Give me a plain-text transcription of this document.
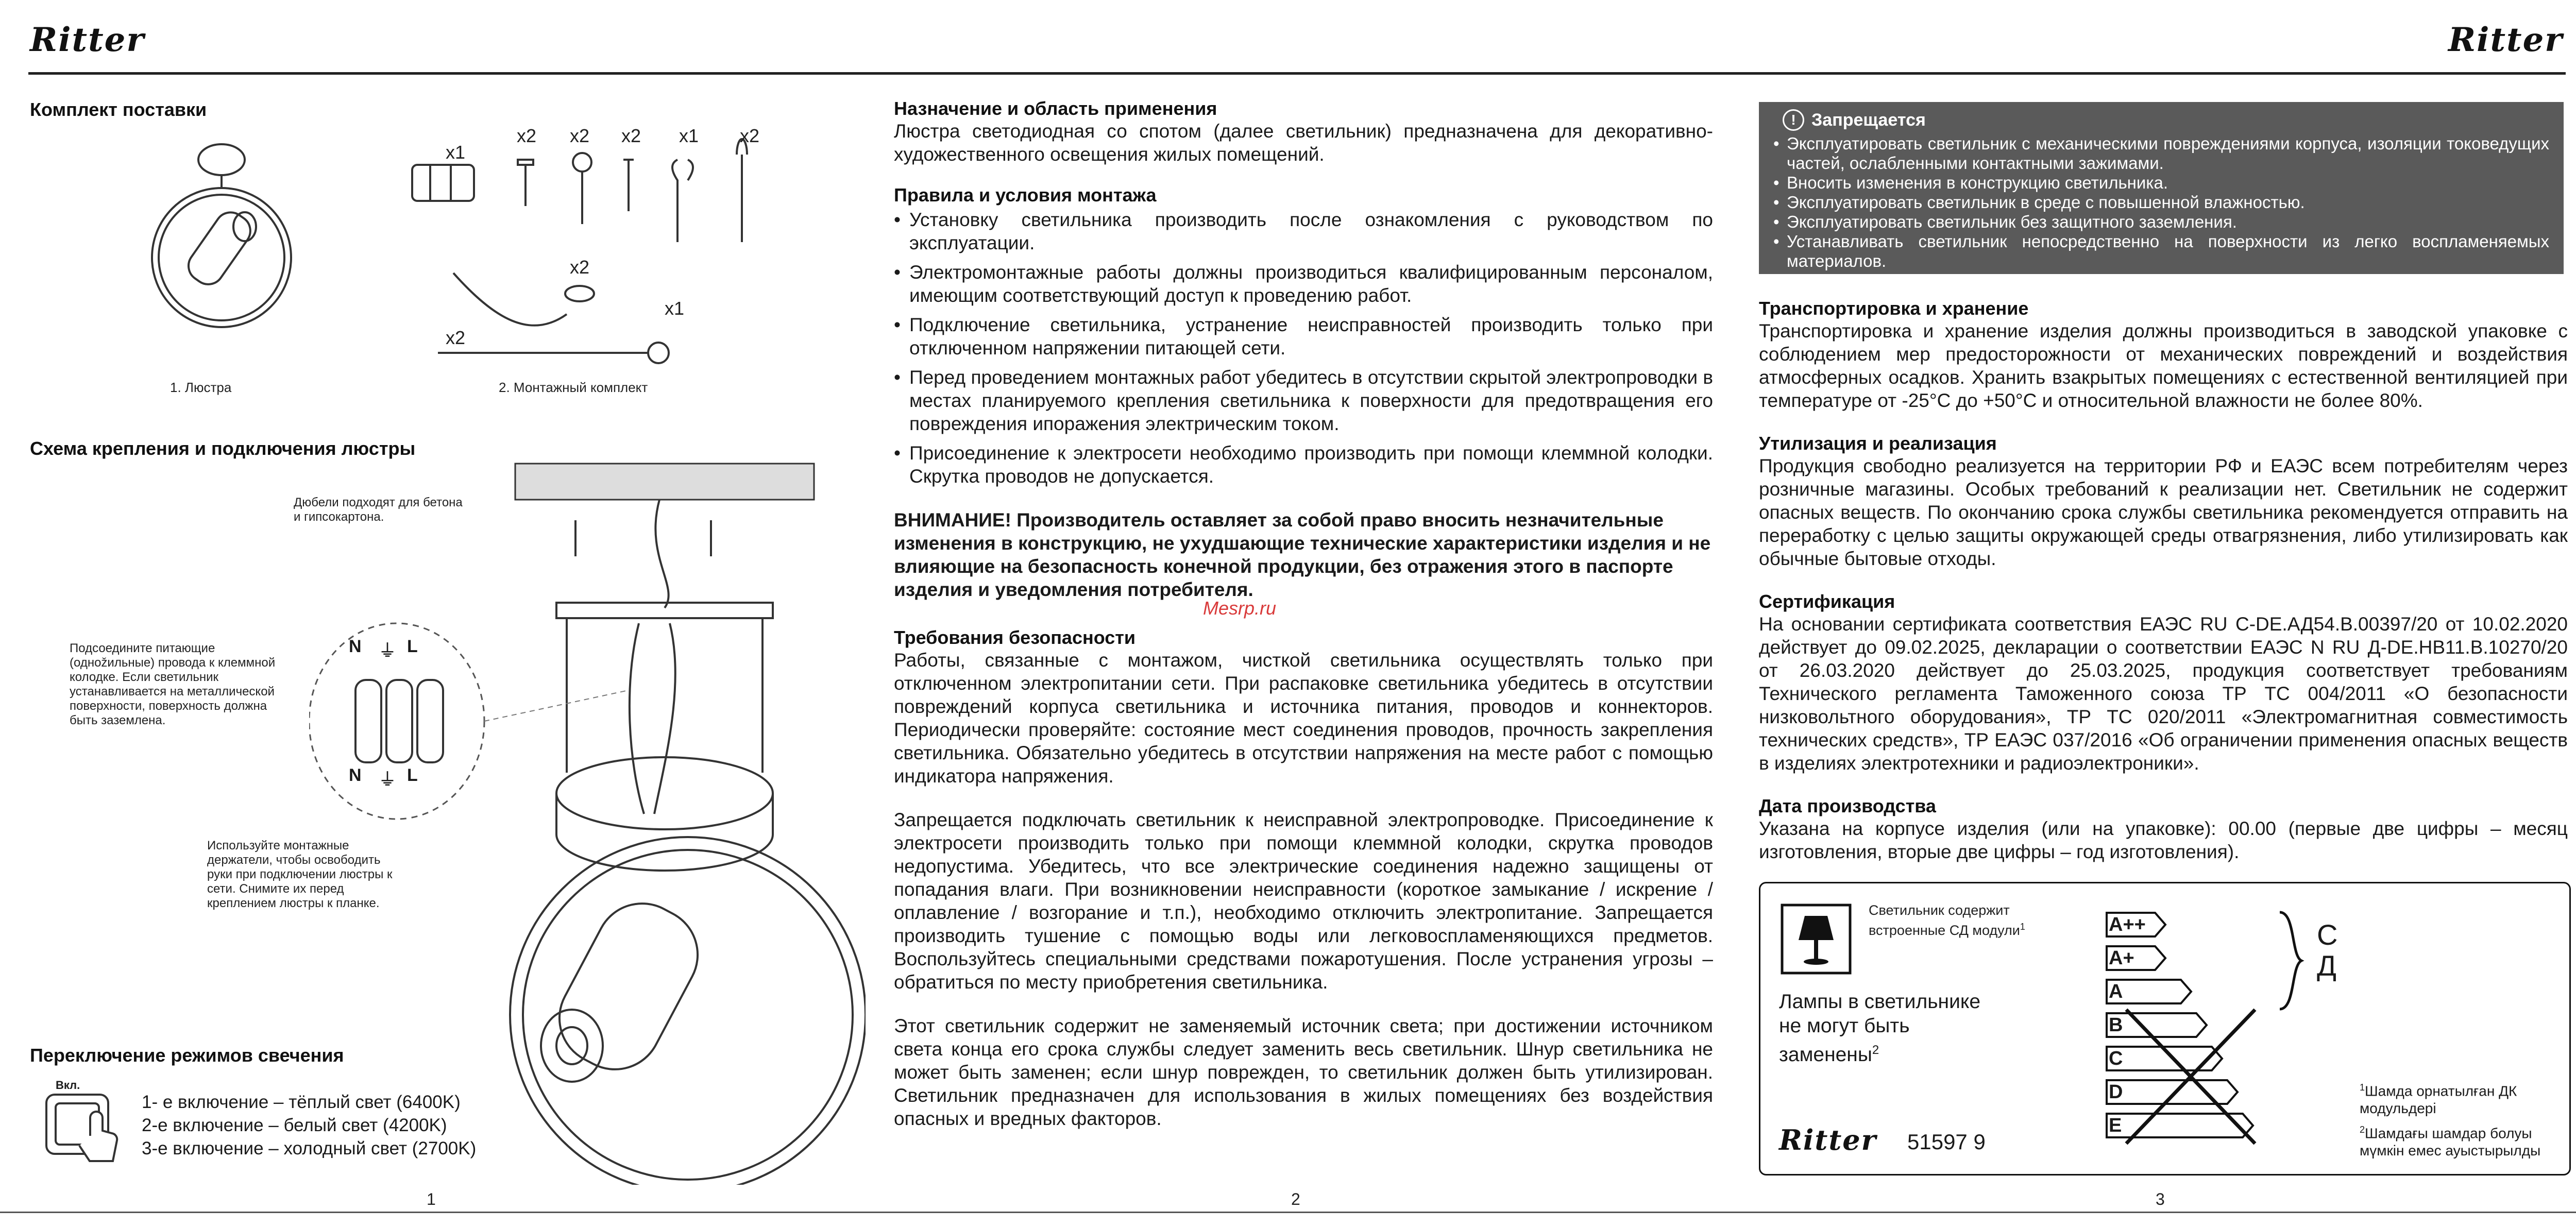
Ritter	Ritter
Комплект поставки
1. Люстра
x1
x2 x2 x2 x1 x2
x2
x1
x2
2. Монтажный комплект
Схема крепления и подключения люстры
Дюбели подходят для бетона и гипсокартона.
Подсоедините питающие (однožильные) провода к клеммной колодке. Если светильник устанавливается на металлической поверхности, поверхность должна быть заземлена.
N ⏚ L
N ⏚ L
Используйте монтажные держатели, чтобы освободить руки при подключении люстры к сети. Снимите их перед креплением люстры к планке.
Переключение режимов свечения
Вкл.
1- е включение – тёплый свет (6400K)
2-е включение – белый свет (4200K)
3-е включение – холодный свет (2700K)
Назначение и область применения
Люстра светодиодная со спотом (далее светильник) предназначена для декоративно-художественного освещения жилых помещений.
Правила и условия монтажа
• Установку светильника производить после ознакомления с руководством по эксплуатации.
• Электромонтажные работы должны производиться квалифицированным персоналом, имеющим соответствующий доступ к проведению работ.
• Подключение светильника, устранение неисправностей производить только при отключенном напряжении питающей сети.
• Перед проведением монтажных работ убедитесь в отсутствии скрытой электропроводки в местах планируемого крепления светильника к поверхности для предотвращения его повреждения ипоражения электрическим током.
• Присоединение к электросети необходимо производить при помощи клеммной колодки. Скрутка проводов не допускается.
ВНИМАНИЕ! Производитель оставляет за собой право вносить незначительные изменения в конструкцию, не ухудшающие технические характеристики изделия и не влияющие на безопасность конечной продукции, без отражения этого в паспорте изделия и уведомления потребителя.
Требования безопасности
Работы, связанные с монтажом, чисткой светильника осуществлять только при отключенном электропитании сети. При распаковке светильника убедитесь в отсутствии повреждений корпуса светильника и источника питания, проводов и коннекторов. Периодически проверяйте: состояние мест соединения проводов, прочность закрепления светильника. Обязательно убедитесь в отсутствии напряжения на месте работ с помощью индикатора напряжения.
Запрещается подключать светильник к неисправной электропроводке. Присоединение к электросети производить только при помощи клеммной колодки, скрутка проводов недопустима. Убедитесь, что все электрические соединения надежно защищены от попадания влаги. При возникновении неисправности (короткое замыкание / искрение / оплавление / возгорание и т.п.), необходимо отключить электропитание. Запрещается производить тушение с помощью воды или легковоспламеняющихся предметов. Воспользуйтесь специальными средствами пожаротушения. После устранения угрозы – обратиться по месту приобретения светильника.
Этот светильник содержит не заменяемый источник света; при достижении источником света конца его срока службы следует заменить весь светильник. Шнур светильника не может быть заменен; если шнур поврежден, то светильник должен быть утилизирован. Светильник предназначен для использования в жилых помещениях без воздействия опасных и вредных факторов.
Mesrp.ru
! Запрещается
• Эксплуатировать светильник с механическими повреждениями корпуса, изоляции токоведущих частей, ослабленными контактными зажимами.
• Вносить изменения в конструкцию светильника.
• Эксплуатировать светильник в среде с повышенной влажностью.
• Эксплуатировать светильник без защитного заземления.
• Устанавливать светильник непосредственно на поверхности из легко воспламеняемых материалов.
Транспортировка и хранение
Транспортировка и хранение изделия должны производиться в заводской упаковке с соблюдением мер предосторожности от механических повреждений и воздействия атмосферных осадков. Хранить взакрытых помещениях с естественной вентиляцией при температуре от -25°C до +50°C и относительной влажности не более 80%.
Утилизация и реализация
Продукция свободно реализуется на территории РФ и ЕАЭС всем потребителям через розничные магазины. Особых требований к реализации нет. Светильник не содержит опасных веществ. По окончанию срока службы светильника рекомендуется отправить на переработку с целью защиты окружающей среды отвагрязнения, либо утилизировать как обычные бытовые отходы.
Сертификация
На основании сертификата соответствия ЕАЭС RU C-DE.АД54.В.00397/20 от 10.02.2020 действует до 09.02.2025, декларации о соответствии ЕАЭС N RU Д-DE.НВ11.В.10270/20 от 26.03.2020 действует до 25.03.2025, продукция соответствует требованиям Технического регламента Таможенного союза ТР ТС 004/2011 «О безопасности низковольтного оборудования», ТР ТС 020/2011 «Электромагнитная совместимость технических средств», ТР ЕАЭС 037/2016 «Об ограничении применения опасных веществ в изделиях электротехники и радиоэлектроники».
Дата производства
Указана на корпусе изделия (или на упаковке): 00.00 (первые две цифры – месяц изготовления, вторые две цифры – год изготовления).
Светильник содержит встроенные СД модули$^1$
Лампы в светильнике не могут быть заменены$^2$
Ritter 51597 9
A++
A+
A
B
C
D
E
С
Д
$^1$Шамда орнатылған ДК модульдері
$^2$Шамдағы шамдар болуы мүмкін емес ауыстырылды
1	2	3
